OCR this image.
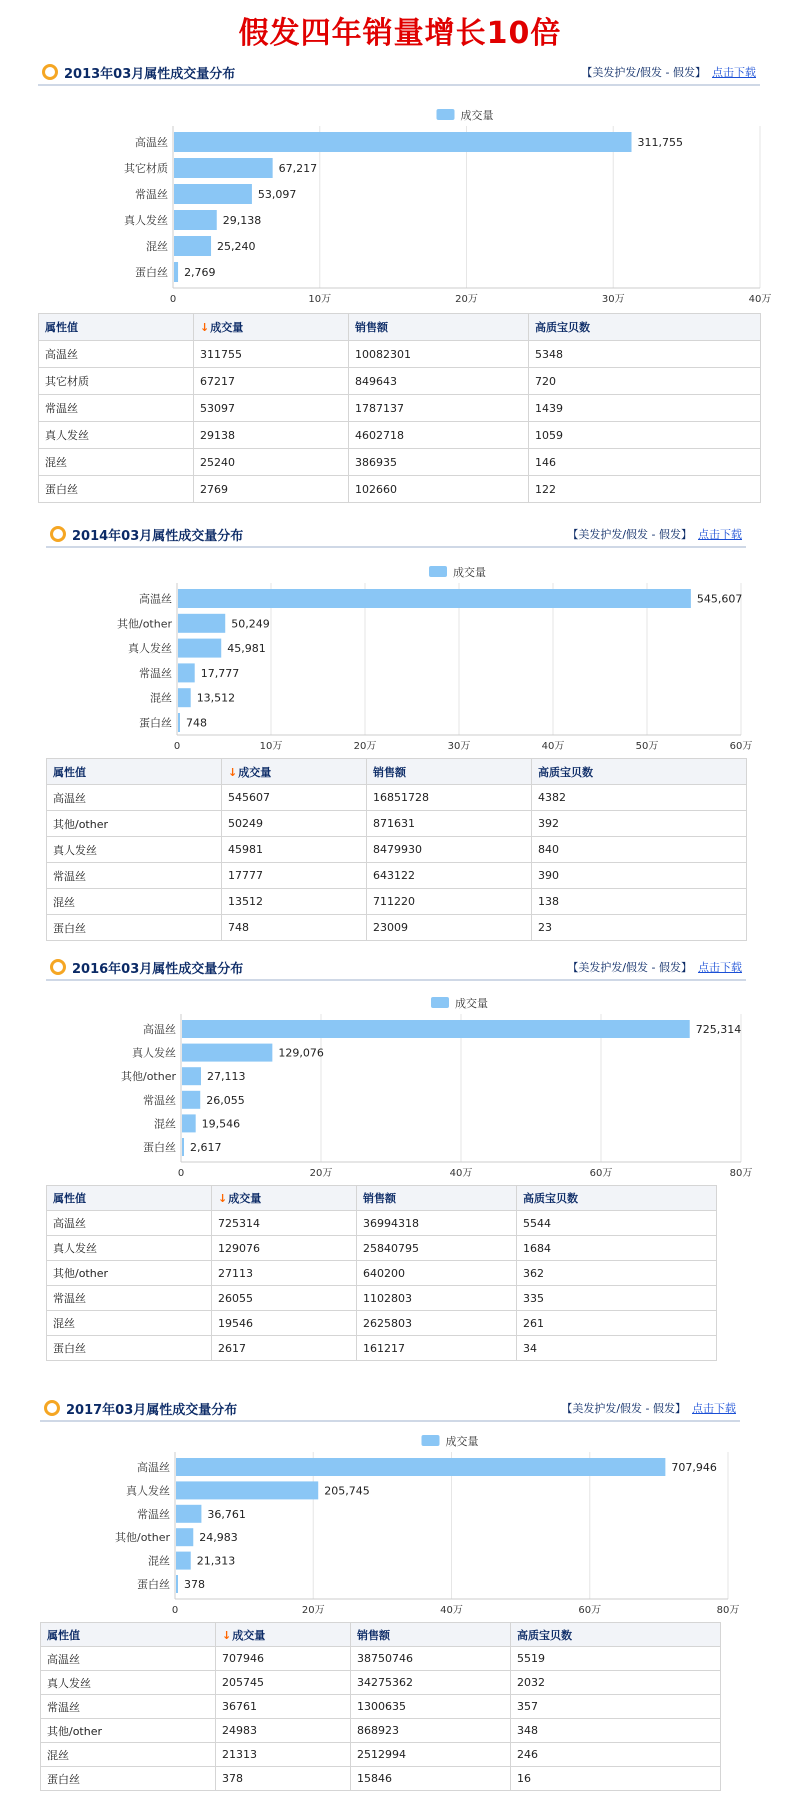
假发四年销量增长10倍
2013年03月属性成交量分布	【美发护发/假发 - 假发】 点击下载
成交量
0	10万	20万	30万	40万
高温丝	311,755
其它材质	67,217
常温丝	53,097
真人发丝	29,138
混丝	25,240
蛋白丝 2,769
属性值	↓成交量	销售额	高质宝贝数
高温丝	311755	10082301	5348
其它材质	67217	849643	720
常温丝	53097	1787137	1439
真人发丝	29138	4602718	1059
混丝	25240	386935	146
蛋白丝	2769	102660	122
2014年03月属性成交量分布	【美发护发/假发 - 假发】 点击下载
成交量
0	10万	20万	30万	40万	50万	60万
高温丝	545,607
其他/other	50,249
真人发丝	45,981
常温丝	17,777
混丝 13,512
蛋白丝 748
属性值	↓成交量	销售额	高质宝贝数
高温丝	545607	16851728	4382
其他/other	50249	871631	392
真人发丝	45981	8479930	840
常温丝	17777	643122	390
混丝	13512	711220	138
蛋白丝	748	23009	23
2016年03月属性成交量分布	【美发护发/假发 - 假发】 点击下载
成交量
0	20万	40万	60万	80万
高温丝	725,314
真人发丝	129,076
其他/other	27,113
常温丝	26,055
混丝 19,546
蛋白丝 2,617
属性值	↓成交量	销售额	高质宝贝数
高温丝	725314	36994318	5544
真人发丝	129076	25840795	1684
其他/other	27113	640200	362
常温丝	26055	1102803	335
混丝	19546	2625803	261
蛋白丝	2617	161217	34
2017年03月属性成交量分布	【美发护发/假发 - 假发】 点击下载
成交量
0	20万	40万	60万	80万
高温丝	707,946
真人发丝	205,745
常温丝	36,761
其他/other	24,983
混丝 21,313
蛋白丝 378
属性值	↓成交量	销售额	高质宝贝数
高温丝	707946	38750746	5519
真人发丝	205745	34275362	2032
常温丝	36761	1300635	357
其他/other	24983	868923	348
混丝	21313	2512994	246
蛋白丝	378	15846	16
